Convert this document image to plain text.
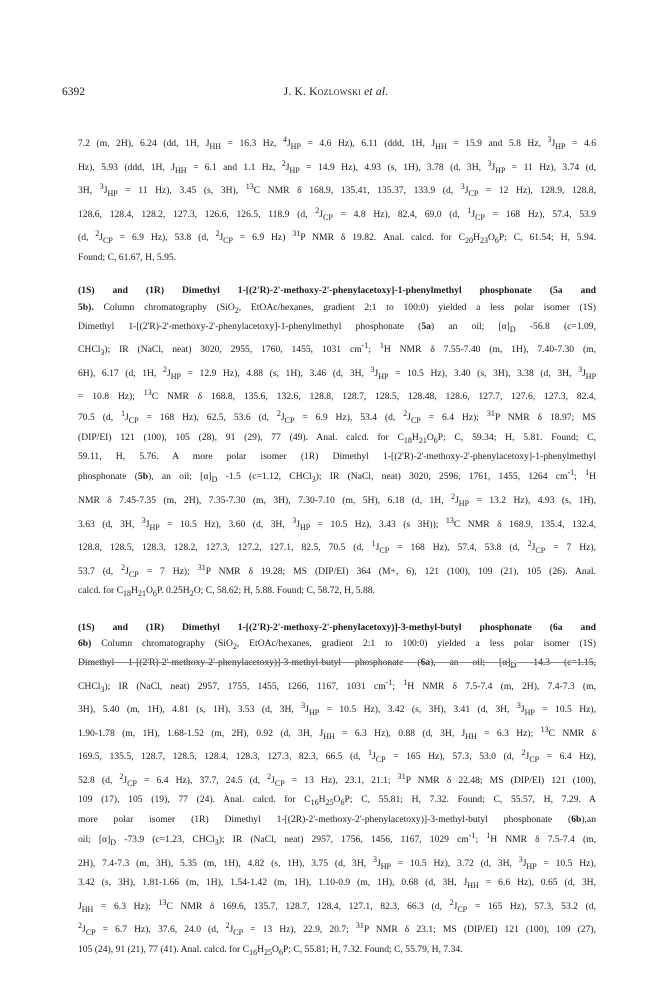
6392	J. K. Kozlowski et al.
7.2 (m, 2H), 6.24 (dd, 1H, $J_{HH} = 16.3$ Hz, $^4J_{HP} = 4.6$ Hz), 6.11 (ddd, 1H, $J_{HH} = 15.9$ and 5.8 Hz, $^3J_{HP} = 4.6$
Hz), 5.93 (ddd, 1H, $J_{HH} = 6.1$ and 1.1 Hz, $^2J_{HP} = 14.9$ Hz), 4.93 (s, 1H), 3.78 (d, 3H, $^3J_{HP} = 11$ Hz), 3.74 (d,
3H, $^3J_{HP} = 11$ Hz), 3.45 (s, 3H), $^{13}$C NMR δ 168.9, 135.41, 135.37, 133.9 (d, $^3J_{CP} = 12$ Hz), 128.9, 128.8,
128.6, 128.4, 128.2, 127.3, 126.6, 126.5, 118.9 (d, $^2J_{CP} = 4.8$ Hz), 82.4, 69.0 (d, $^1J_{CP} = 168$ Hz), 57.4, 53.9
(d, $^2J_{CP} = 6.9$ Hz), 53.8 (d, $^2J_{CP} = 6.9$ Hz) $^{31}$P NMR δ 19.82. Anal. calcd. for $C_{20}H_{23}O_6P$; C, 61.54; H, 5.94.
Found; C, 61.67, H, 5.95.
(1S) and (1R) Dimethyl 1-[(2'R)-2'-methoxy-2'-phenylacetoxy]-1-phenylmethyl phosphonate (5a and
5b). Column chromatography (SiO$_2$, EtOAc/hexanes, gradient 2:1 to 100:0) yielded a less polar isomer (1S)
Dimethyl 1-[(2'R)-2'-methoxy-2'-phenylacetoxy]-1-phenylmethyl phosphonate (5a) an oil; $[\alpha]_D$ -56.8 (c=1.09,
CHCl$_3$); IR (NaCl, neat) 3020, 2955, 1760, 1455, 1031 $cm^{-1}$; $^1$H NMR δ 7.55-7.40 (m, 1H), 7.40-7.30 (m,
6H), 6.17 (d, 1H, $^2J_{HP} = 12.9$ Hz), 4.88 (s, 1H), 3.46 (d, 3H, $^3J_{HP} = 10.5$ Hz), 3.40 (s, 3H), 3.38 (d, 3H, $^3J_{HP}$
= 10.8 Hz); $^{13}$C NMR δ 168.8, 135.6, 132.6, 128.8, 128.7, 128.5, 128.48, 128.6, 127.7, 127.6, 127.3, 82.4,
70.5 (d, $^1J_{CP} = 168$ Hz), 62.5, 53.6 (d, $^2J_{CP} = 6.9$ Hz), 53.4 (d, $^2J_{CP} = 6.4$ Hz); $^{31}$P NMR δ 18.97; MS
(DIP/EI) 121 (100), 105 (28), 91 (29), 77 (49). Anal. calcd. for $C_{18}H_{21}O_6P$; C, 59.34; H, 5.81. Found; C,
59.11, H, 5.76. A more polar isomer (1R) Dimethyl 1-[(2'R)-2'-methoxy-2'-phenylacetoxy]-1-phenylmethyl
phosphonate (5b), an oil; $[\alpha]_D$ -1.5 (c=1.12, CHCl$_3$); IR (NaCl, neat) 3020, 2596, 1761, 1455, 1264 $cm^{-1}$; $^1$H
NMR δ 7.45-7.35 (m, 2H), 7.35-7.30 (m, 3H), 7.30-7.10 (m, 5H), 6.18 (d, 1H, $^2J_{HP} = 13.2$ Hz), 4.93 (s, 1H),
3.63 (d, 3H, $^3J_{HP} = 10.5$ Hz), 3.60 (d, 3H, $^3J_{HP} = 10.5$ Hz), 3.43 (s 3H)); $^{13}$C NMR δ 168.9, 135.4, 132.4,
128.8, 128.5, 128.3, 128.2, 127.3, 127.2, 127.1, 82.5, 70.5 (d, $^1J_{CP} = 168$ Hz), 57.4, 53.8 (d, $^2J_{CP} = 7$ Hz),
53.7 (d, $^2J_{CP} = 7$ Hz); $^{31}$P NMR δ 19.28; MS (DIP/EI) 364 (M+, 6), 121 (100), 109 (21), 105 (26). Anal.
calcd. for $C_{18}H_{21}O_6P$. $0.25H_2O$; C, 58.62; H, 5.88. Found; C, 58.72, H, 5.88.
(1S) and (1R) Dimethyl 1-[(2'R)-2'-methoxy-2'-phenylacetoxy)]-3-methyl-butyl phosphonate (6a and
6b) Column chromatography (SiO$_2$, EtOAc/hexanes, gradient 2:1 to 100:0) yielded a less polar isomer (1S)
Dimethyl 1-[(2'R)-2'-methoxy-2'-phenylacetoxy)]-3-methyl-butyl phosphonate (6a), an oil; $[\alpha]_D$ -14.3 (c=1.15,
CHCl$_3$); IR (NaCl, neat) 2957, 1755, 1455, 1266, 1167, 1031 $cm^{-1}$; $^1$H NMR δ 7.5-7.4 (m, 2H), 7.4-7.3 (m,
3H), 5.40 (m, 1H), 4.81 (s, 1H), 3.53 (d, 3H, $^3J_{HP} = 10.5$ Hz), 3.42 (s, 3H), 3.41 (d, 3H, $^3J_{HP} = 10.5$ Hz),
1.90-1.78 (m, 1H), 1.68-1.52 (m, 2H), 0.92 (d, 3H, $J_{HH} = 6.3$ Hz), 0.88 (d, 3H, $J_{HH} = 6.3$ Hz); $^{13}$C NMR δ
169.5, 135.5, 128.7, 128.5, 128.4, 128.3, 127.3, 82.3, 66.5 (d, $^1J_{CP} = 165$ Hz), 57.3, 53.0 (d, $^2J_{CP} = 6.4$ Hz),
52.8 (d, $^2J_{CP} = 6.4$ Hz), 37.7, 24.5 (d, $^2J_{CP} = 13$ Hz), 23.1, 21.1; $^{31}$P NMR δ 22.48; MS (DIP/EI) 121 (100),
109 (17), 105 (19), 77 (24). Anal. calcd. for $C_{16}H_{25}O_6P$; C, 55.81; H, 7.32. Found; C, 55.57, H, 7.29. A
more polar isomer (1R) Dimethyl 1-[(2R)-2'-methoxy-2'-phenylacetoxy)]-3-methyl-butyl phosphonate (6b),an
oil; $[\alpha]_D$ -73.9 (c=1.23, CHCl$_3$); IR (NaCl, neat) 2957, 1756, 1456, 1167, 1029 $cm^{-1}$; $^1$H NMR δ 7.5-7.4 (m,
2H), 7.4-7.3 (m, 3H), 5.35 (m, 1H), 4.82 (s, 1H), 3.75 (d, 3H, $^3J_{HP} = 10.5$ Hz), 3.72 (d, 3H, $^3J_{HP} = 10.5$ Hz),
3.42 (s, 3H), 1.81-1.66 (m, 1H), 1.54-1.42 (m, 1H), 1.10-0.9 (m, 1H), 0.68 (d, 3H, $J_{HH} = 6.6$ Hz), 0.65 (d, 3H,
$J_{HH} = 6.3$ Hz); $^{13}$C NMR δ 169.6, 135.7, 128.7, 128.4, 127.1, 82.3, 66.3 (d, $^2J_{CP} = 165$ Hz), 57.3, 53.2 (d,
$^2J_{CP} = 6.7$ Hz), 37.6, 24.0 (d, $^2J_{CP} = 13$ Hz), 22.9, 20.7; $^{31}$P NMR δ 23.1; MS (DIP/EI) 121 (100), 109 (27),
105 (24), 91 (21), 77 (41). Anal. calcd. for $C_{16}H_{25}O_6P$; C, 55.81; H, 7.32. Found; C, 55.79, H, 7.34.
